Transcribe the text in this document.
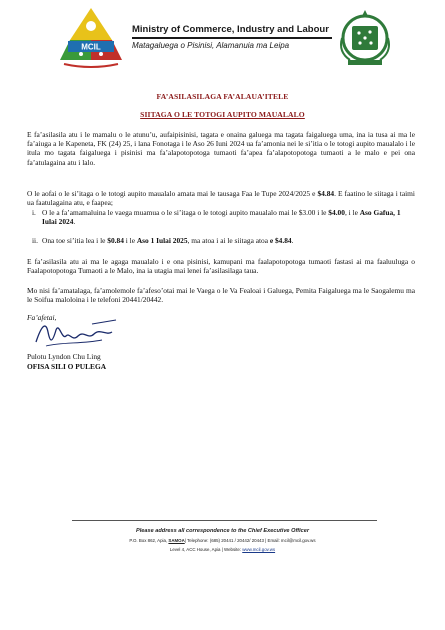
MCIL
Ministry of Commerce, Industry and Labour
Matagaluega o Pisinisi, Alamanuia ma Leipa
FA’ASILASILAGA FA’ALAUA’ITELE
SIITAGA O LE TOTOGI AUPITO MAUALALO
E fa’asilasila atu i le mamalu o le atunu’u, aufaipisinisi, tagata e onaina galuega ma tagata faigaluega uma, ina ia tusa ai ma le fa’aiuga a le Kapeneta, FK (24) 25, i lana Fonotaga i le Aso 26 Iuni 2024 ua fa’amonia nei le si’itia o le totogi aupito maualalo i le itula mo tagata faigaluega i pisinisi ma fa’alapotopotoga tumaoti fa’apea fa’alapotopotoga tumaoti a le malo e pei ona fa’atulagaina atu i lalo.
O le aofai o le si’itaga o le totogi aupito maualalo amata mai le tausaga Faa le Tupe 2024/2025 e $4.84. E faatino le siitaga i taimi ua faatulagaina atu, e faapea;
i. O le a fa’amamaluina le vaega muamua o le si’itaga o le totogi aupito maualalo mai le $3.00 i le $4.00, i le Aso Gafua, 1 Iulai 2024.
ii. Ona toe si’itia lea i le $0.84 i le Aso 1 Iulai 2025, ma atoa i ai le siitaga atoa e $4.84.
E fa’asilasila atu ai ma le agaga maualalo i e ona pisinisi, kamupani ma faalapotopotoga tumaoti fastasi ai ma faaluuluga o Faalapotopotoga Tumaoti a le Malo, ina ia utagia mai lenei fa’asilasilaga taua.
Mo nisi fa’amatalaga, fa’amolemole fa’afeso’otai mai le Vaega o le Va Fealoai i Galuega, Pemita Faigaluega ma le Saogalemu ma le Soifua maloloina i le telefoni 20441/20442.
Fa’afetai,
Pulotu Lyndon Chu Ling
OFISA SILI O PULEGA
Please address all correspondence to the Chief Executive Officer
P.O. Box 862, Apia, SAMOA| Telephone: (685) 20441 / 20442/ 20443 | Email: mcil@mcil.gov.ws
Level 4, ACC House, Apia | Website: www.mcil.gov.ws
